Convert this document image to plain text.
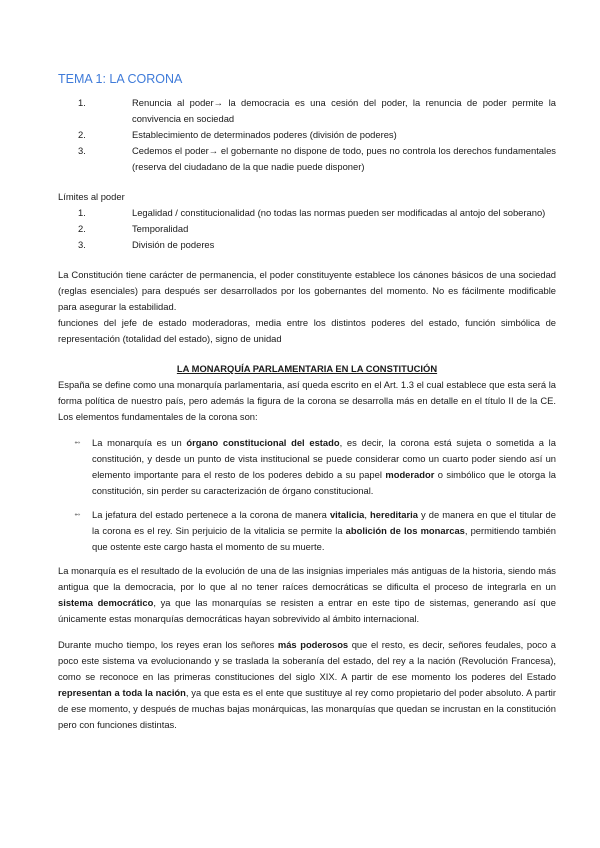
TEMA 1: LA CORONA
1.	Renuncia al poder→ la democracia es una cesión del poder, la renuncia de poder permite la convivencia en sociedad
2.	Establecimiento de determinados poderes (división de poderes)
3.	Cedemos el poder→ el gobernante no dispone de todo, pues no controla los derechos fundamentales (reserva del ciudadano de la que nadie puede disponer)

Límites al poder

1.	Legalidad / constitucionalidad (no todas las normas pueden ser modificadas al antojo del soberano)
2.	Temporalidad
3.	División de poderes

La Constitución tiene carácter de permanencia, el poder constituyente establece los cánones básicos de una sociedad (reglas esenciales) para después ser desarrollados por los gobernantes del momento. No es fácilmente modificable para asegurar la estabilidad.

funciones del jefe de estado moderadoras, media entre los distintos poderes del estado, función simbólica de representación (totalidad del estado), signo de unidad

LA MONARQUÍA PARLAMENTARIA EN LA CONSTITUCIÓN

España se define como una monarquía parlamentaria, así queda escrito en el Art. 1.3 el cual establece que esta será la forma política de nuestro país, pero además la figura de la corona se desarrolla más en detalle en el título II de la CE. Los elementos fundamentales de la corona son:

➻ La monarquía es un órgano constitucional del estado, es decir, la corona está sujeta o sometida a la constitución, y desde un punto de vista institucional se puede considerar como un cuarto poder siendo así un elemento importante para el resto de los poderes debido a su papel moderador o simbólico que le otorga la constitución, sin perder su caracterización de órgano constitucional.
➻ La jefatura del estado pertenece a la corona de manera vitalicia, hereditaria y de manera en que el titular de la corona es el rey. Sin perjuicio de la vitalicia se permite la abolición de los monarcas, permitiendo también que ostente este cargo hasta el momento de su muerte.

La monarquía es el resultado de la evolución de una de las insignias imperiales más antiguas de la historia, siendo más antigua que la democracia, por lo que al no tener raíces democráticas se dificulta el proceso de integrarla en un sistema democrático, ya que las monarquías se resisten a entrar en este tipo de sistemas, generando así que únicamente estas monarquías democráticas hayan sobrevivido al ámbito internacional.

Durante mucho tiempo, los reyes eran los señores más poderosos que el resto, es decir, señores feudales, poco a poco este sistema va evolucionando y se traslada la soberanía del estado, del rey a la nación (Revolución Francesa), como se reconoce en las primeras constituciones del siglo XIX. A partir de ese momento los poderes del Estado representan a toda la nación, ya que esta es el ente que sustituye al rey como propietario del poder absoluto. A partir de ese momento, y después de muchas bajas monárquicas, las monarquías que quedan se incrustan en la constitución pero con funciones distintas.
